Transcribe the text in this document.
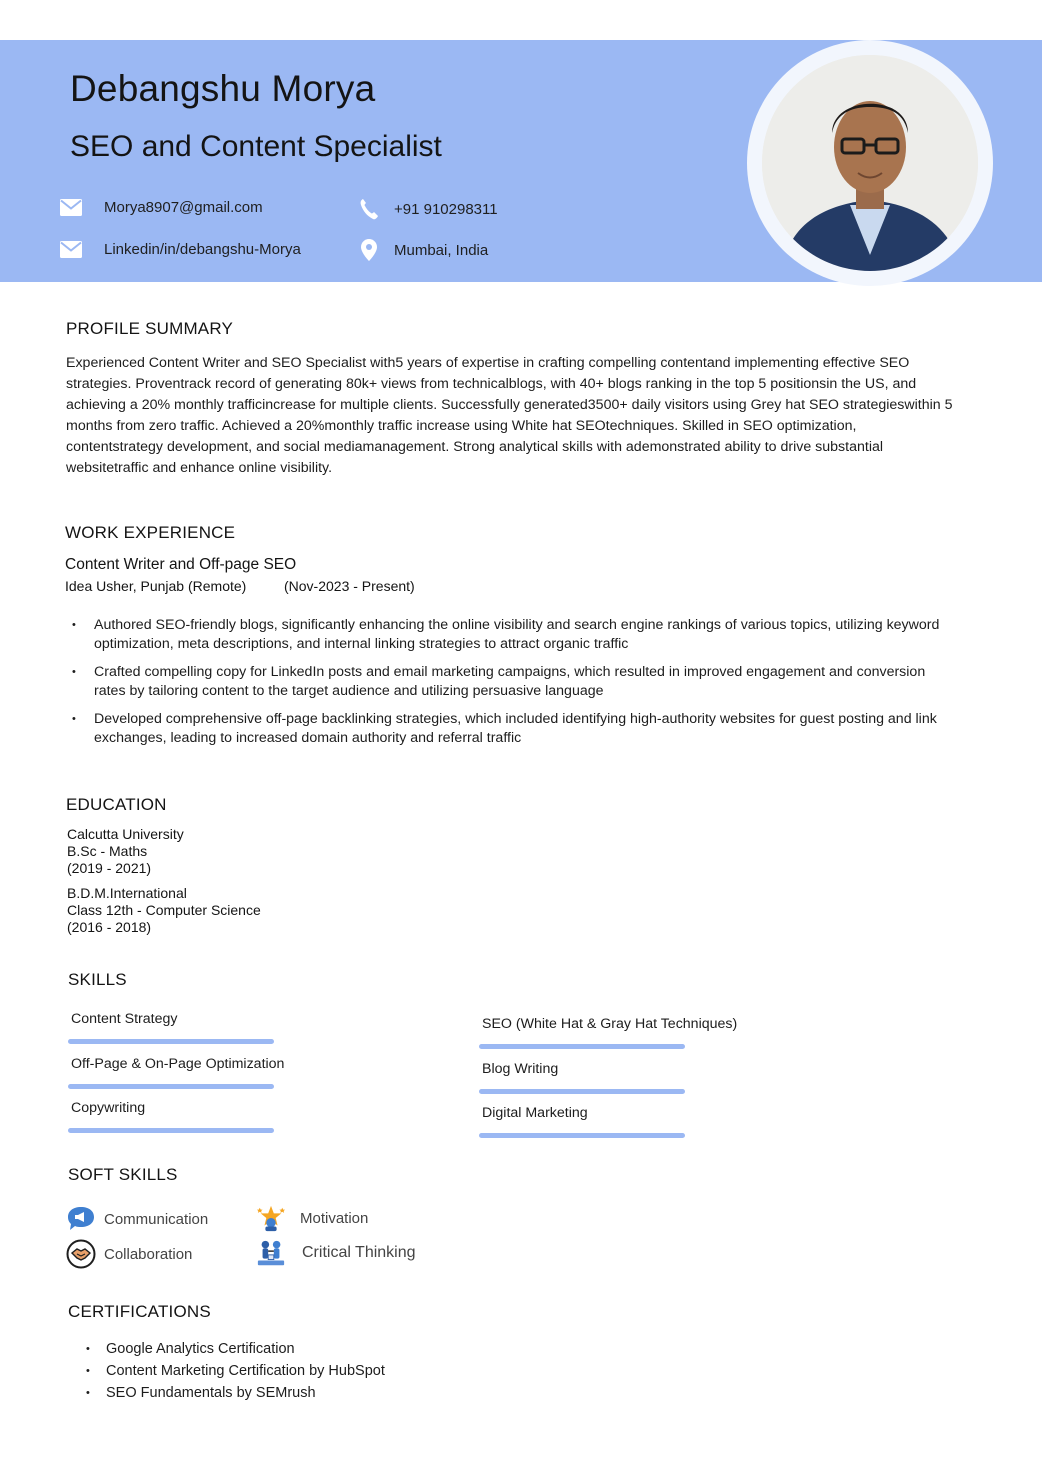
Debangshu Morya
SEO and Content Specialist
Morya8907@gmail.com
Linkedin/in/debangshu-Morya
+91 910298311
Mumbai, India
PROFILE SUMMARY

Experienced Content Writer and SEO Specialist with5 years of expertise in crafting compelling contentand implementing effective SEO strategies. Proventrack record of generating 80k+ views from technicalblogs, with 40+ blogs ranking in the top 5 positionsin the US, and achieving a 20% monthly trafficincrease for multiple clients. Successfully generated3500+ daily visitors using Grey hat SEO strategieswithin 5 months from zero traffic. Achieved a 20%monthly traffic increase using White hat SEOtechniques. Skilled in SEO optimization, contentstrategy development, and social mediamanagement. Strong analytical skills with ademonstrated ability to drive substantial websitetraffic and enhance online visibility.

WORK EXPERIENCE
Content Writer and Off-page SEO
Idea Usher, Punjab (Remote)	(Nov-2023 - Present)
• Authored SEO-friendly blogs, significantly enhancing the online visibility and search engine rankings of various topics, utilizing keyword optimization, meta descriptions, and internal linking strategies to attract organic traffic
• Crafted compelling copy for LinkedIn posts and email marketing campaigns, which resulted in improved engagement and conversion rates by tailoring content to the target audience and utilizing persuasive language
• Developed comprehensive off-page backlinking strategies, which included identifying high-authority websites for guest posting and link exchanges, leading to increased domain authority and referral traffic
EDUCATION
Calcutta University
B.Sc - Maths
(2019 - 2021)
B.D.M.International
Class 12th - Computer Science
(2016 - 2018)
SKILLS
Content Strategy
Off-Page & On-Page Optimization
Copywriting
SEO (White Hat & Gray Hat Techniques)
Blog Writing
Digital Marketing
SOFT SKILLS
Communication	Motivation
Collaboration	Critical Thinking
CERTIFICATIONS
• Google Analytics Certification
• Content Marketing Certification by HubSpot
• SEO Fundamentals by SEMrush
